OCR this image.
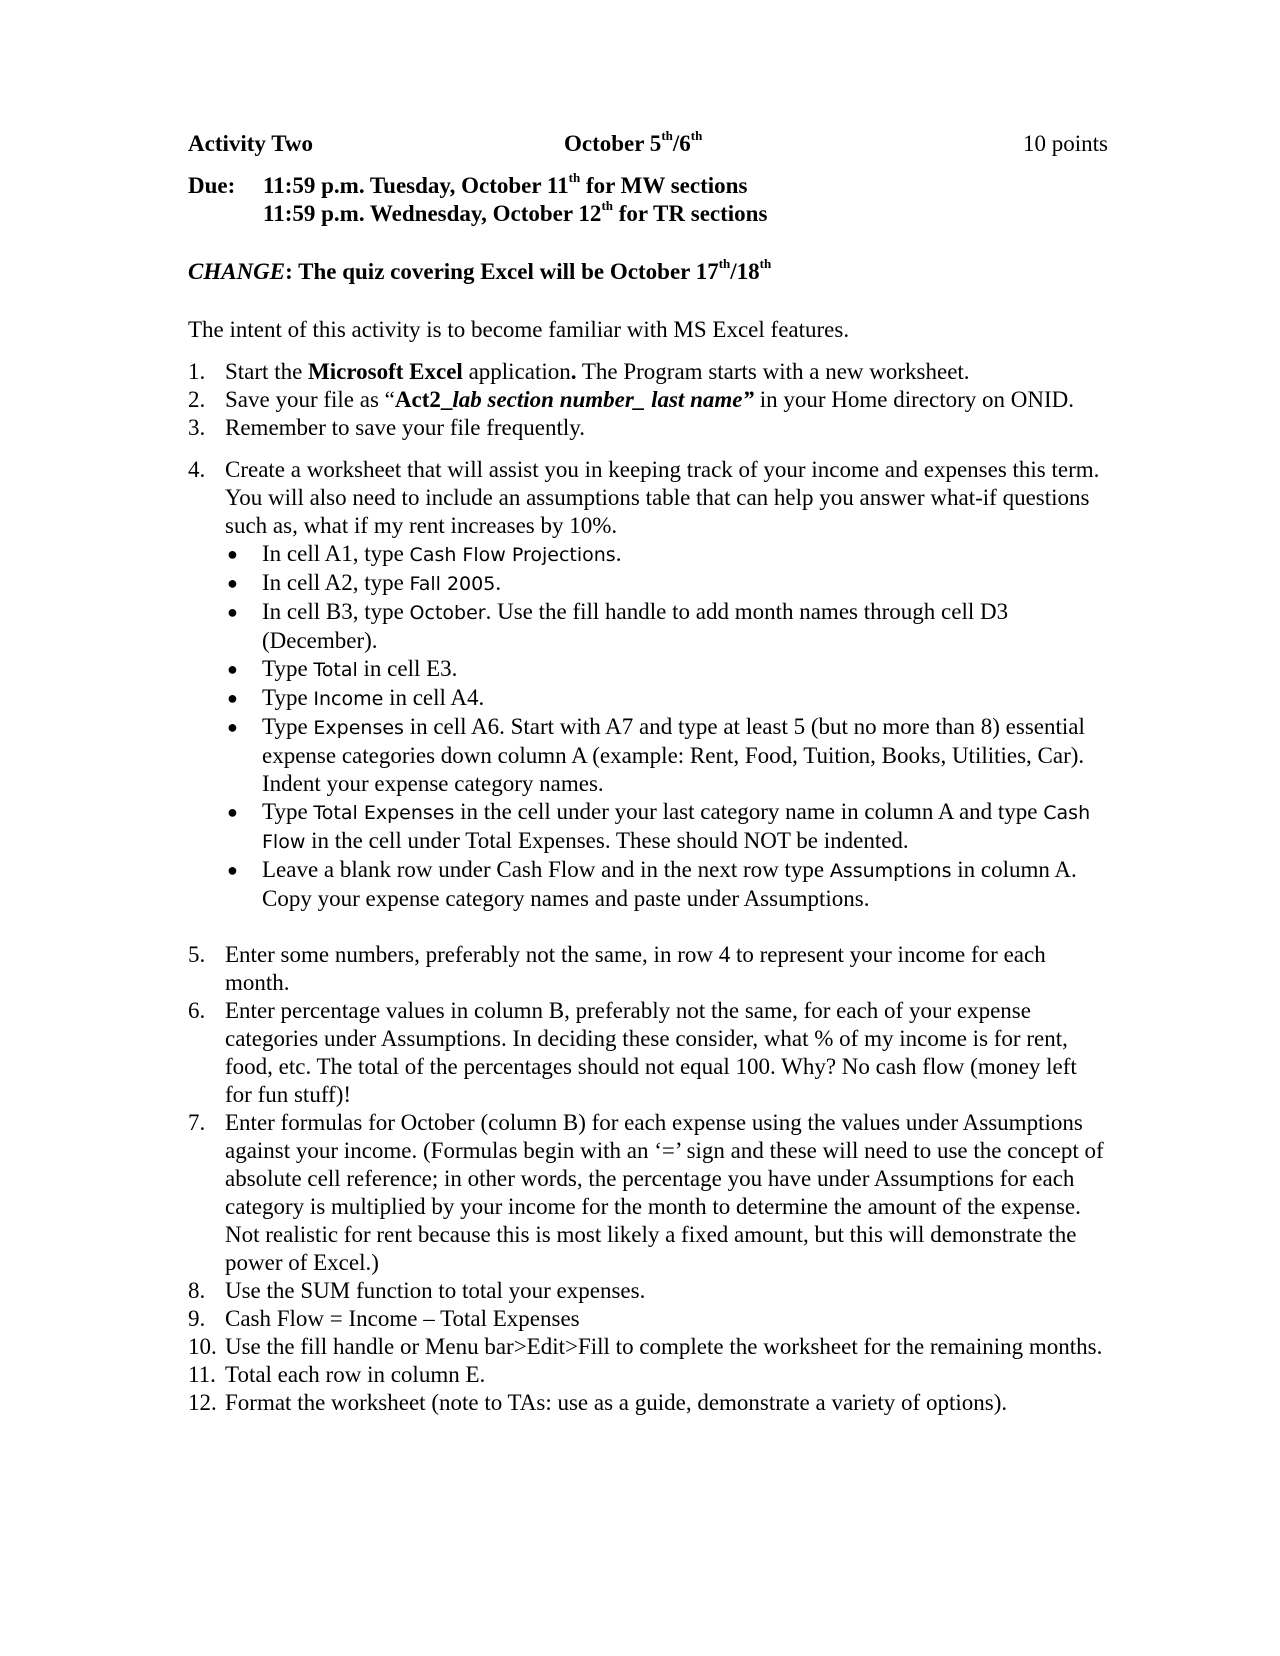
Activity Two	October 5th/6th	10 points
Due: 11:59 p.m. Tuesday, October 11th for MW sections
11:59 p.m. Wednesday, October 12th for TR sections
CHANGE: The quiz covering Excel will be October 17th/18th
The intent of this activity is to become familiar with MS Excel features.
1. Start the Microsoft Excel application. The Program starts with a new worksheet.
2. Save your file as “Act2_lab section number_ last name” in your Home directory on ONID.
3. Remember to save your file frequently.
4. Create a worksheet that will assist you in keeping track of your income and expenses this term. You will also need to include an assumptions table that can help you answer what-if questions such as, what if my rent increases by 10%.
● In cell A1, type Cash Flow Projections.
● In cell A2, type Fall 2005.
● In cell B3, type October. Use the fill handle to add month names through cell D3 (December).
● Type Total in cell E3.
● Type Income in cell A4.
● Type Expenses in cell A6. Start with A7 and type at least 5 (but no more than 8) essential expense categories down column A (example: Rent, Food, Tuition, Books, Utilities, Car). Indent your expense category names.
● Type Total Expenses in the cell under your last category name in column A and type Cash Flow in the cell under Total Expenses. These should NOT be indented.
● Leave a blank row under Cash Flow and in the next row type Assumptions in column A. Copy your expense category names and paste under Assumptions.
5. Enter some numbers, preferably not the same, in row 4 to represent your income for each month.
6. Enter percentage values in column B, preferably not the same, for each of your expense categories under Assumptions. In deciding these consider, what % of my income is for rent, food, etc. The total of the percentages should not equal 100. Why? No cash flow (money left for fun stuff)!
7. Enter formulas for October (column B) for each expense using the values under Assumptions against your income. (Formulas begin with an ‘=’ sign and these will need to use the concept of absolute cell reference; in other words, the percentage you have under Assumptions for each category is multiplied by your income for the month to determine the amount of the expense. Not realistic for rent because this is most likely a fixed amount, but this will demonstrate the power of Excel.)
8. Use the SUM function to total your expenses.
9. Cash Flow = Income – Total Expenses
10. Use the fill handle or Menu bar>Edit>Fill to complete the worksheet for the remaining months.
11. Total each row in column E.
12. Format the worksheet (note to TAs: use as a guide, demonstrate a variety of options).
